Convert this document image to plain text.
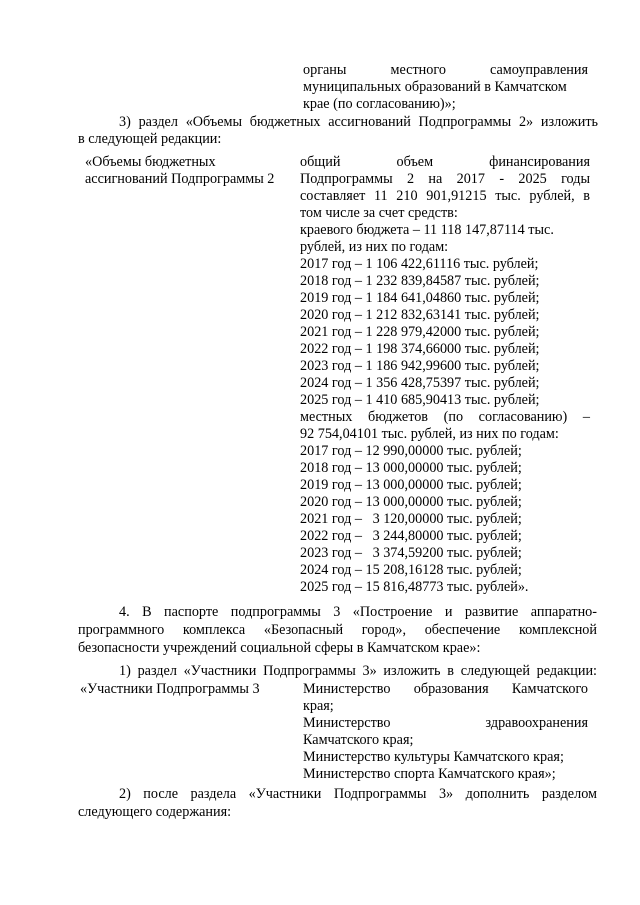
органы местного самоуправления
муниципальных образований в Камчатском
крае (по согласованию)»;
3) раздел «Объемы бюджетных ассигнований Подпрограммы 2» изложить
в следующей редакции:
«Объемы бюджетных
ассигнований Подпрограммы 2
общий объем финансирования
Подпрограммы 2 на 2017 - 2025 годы
составляет 11 210 901,91215 тыс. рублей, в
том числе за счет средств:
краевого бюджета – 11 118 147,87114 тыс.
рублей, из них по годам:
2017 год – 1 106 422,61116 тыс. рублей;
2018 год – 1 232 839,84587 тыс. рублей;
2019 год – 1 184 641,04860 тыс. рублей;
2020 год – 1 212 832,63141 тыс. рублей;
2021 год – 1 228 979,42000 тыс. рублей;
2022 год – 1 198 374,66000 тыс. рублей;
2023 год – 1 186 942,99600 тыс. рублей;
2024 год – 1 356 428,75397 тыс. рублей;
2025 год – 1 410 685,90413 тыс. рублей;
местных бюджетов (по согласованию) –
92 754,04101 тыс. рублей, из них по годам:
2017 год – 12 990,00000 тыс. рублей;
2018 год – 13 000,00000 тыс. рублей;
2019 год – 13 000,00000 тыс. рублей;
2020 год – 13 000,00000 тыс. рублей;
2021 год –   3 120,00000 тыс. рублей;
2022 год –   3 244,80000 тыс. рублей;
2023 год –   3 374,59200 тыс. рублей;
2024 год – 15 208,16128 тыс. рублей;
2025 год – 15 816,48773 тыс. рублей».
4. В паспорте подпрограммы 3 «Построение и развитие аппаратно-
программного комплекса «Безопасный город», обеспечение комплексной
безопасности учреждений социальной сферы в Камчатском крае»:
1) раздел «Участники Подпрограммы 3» изложить в следующей редакции:
«Участники Подпрограммы 3	Министерство образования Камчатского
края;
Министерство здравоохранения
Камчатского края;
Министерство культуры Камчатского края;
Министерство спорта Камчатского края»;
2) после раздела «Участники Подпрограммы 3» дополнить разделом
следующего содержания:
